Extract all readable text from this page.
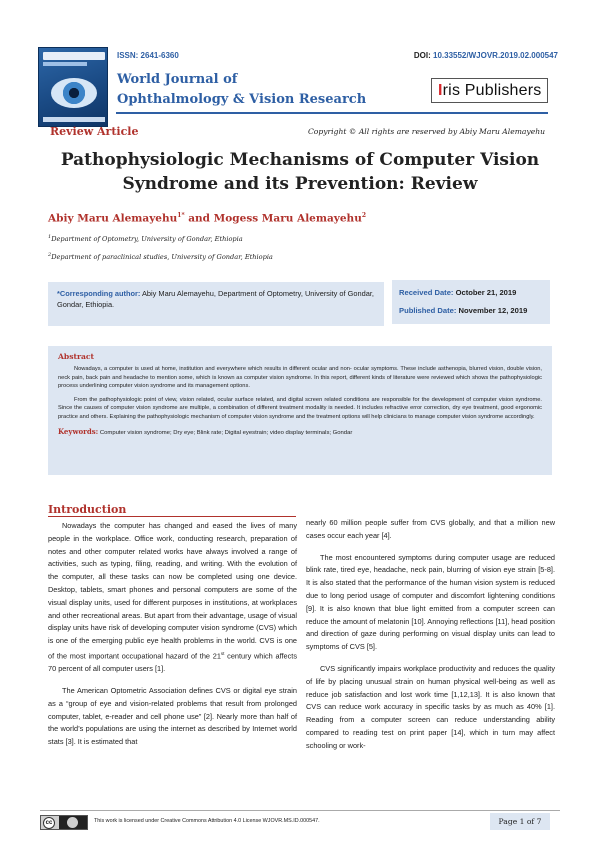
ISSN: 2641-6360	DOI: 10.33552/WJOVR.2019.02.000547
World Journal of
Ophthalmology & Vision Research
Iris Publishers
Review Article	Copyright © All rights are reserved by Abiy Maru Alemayehu
Pathophysiologic Mechanisms of Computer Vision
Syndrome and its Prevention: Review
Abiy Maru Alemayehu$^{1*}$ and Mogess Maru Alemayehu$^2$
$^1$Department of Optometry, University of Gondar, Ethiopia
$^2$Department of paraclinical studies, University of Gondar, Ethiopia
*Corresponding author: Abiy Maru Alemayehu, Department of Optometry, University of Gondar, Gondar, Ethiopia.
Received Date: October 21, 2019
Published Date: November 12, 2019
Abstract

Nowadays, a computer is used at home, institution and everywhere which results in different ocular and non- ocular symptoms. These include asthenopia, blurred vision, double vision, neck pain, back pain and headache to mention some, which is known as computer vision syndrome. In this report, different kinds of literature were reviewed which shows the pathophysiologic process underlining computer vision syndrome and its management options.

From the pathophysiologic point of view, vision related, ocular surface related, and digital screen related conditions are responsible for the development of computer vision syndrome. Since the causes of computer vision syndrome are multiple, a combination of different treatment modality is needed. It includes refractive error correction, dry eye treatment, good ergonomic practice and others. Explaining the pathophysiologic mechanism of computer vision syndrome and the treatment options will help clinicians to manage computer vision syndrome accordingly.

Keywords: Computer vision syndrome; Dry eye; Blink rate; Digital eyestrain; video display terminals; Gondar
Introduction

Nowadays the computer has changed and eased the lives of many people in the workplace. Office work, conducting research, preparation of notes and other computer related works have always involved a range of activities, such as typing, filing, reading, and writing. With the evolution of the computer, all these tasks can now be completed using one device. Desktop, tablets, smart phones and personal computers are some of the visual display units, used for different purposes in institutions, at workplaces and other recreational areas. But apart from their advantage, usage of visual display units have risk of developing computer vision syndrome (CVS) which is one of the emerging public eye health problems in the world. CVS is one of the most important occupational hazard of the 21st century which affects 70 percent of all computer users [1].

The American Optometric Association defines CVS or digital eye strain as a “group of eye and vision-related problems that result from prolonged computer, tablet, e-reader and cell phone use” [2]. Nearly more than half of the world’s populations are using the internet as described by Internet world stats [3]. It is estimated that

nearly 60 million people suffer from CVS globally, and that a million new cases occur each year [4].

The most encountered symptoms during computer usage are reduced blink rate, tired eye, headache, neck pain, blurring of vision eye strain [5-8]. It is also stated that the performance of the human vision system is reduced due to long period usage of computer and discomfort lightening conditions [9]. It is also known that blue light emitted from a computer screen can reduce the amount of melatonin [10]. Annoying reflections [11], head position and direction of gaze during performing on visual display units can lead to symptoms of CVS [5].

CVS significantly impairs workplace productivity and reduces the quality of life by placing unusual strain on human physical well-being as well as reduce job satisfaction and lost work time [1,12,13]. It is also known that CVS can reduce work accuracy in specific tasks by as much as 40% [1]. Reading from a computer screen can reduce understanding ability compared to reading test on print paper [14], which in turn may affect schooling or work-

cc	This work is licensed under Creative Commons Attribution 4.0 License WJOVR.MS.ID.000547.	Page 1 of 7
